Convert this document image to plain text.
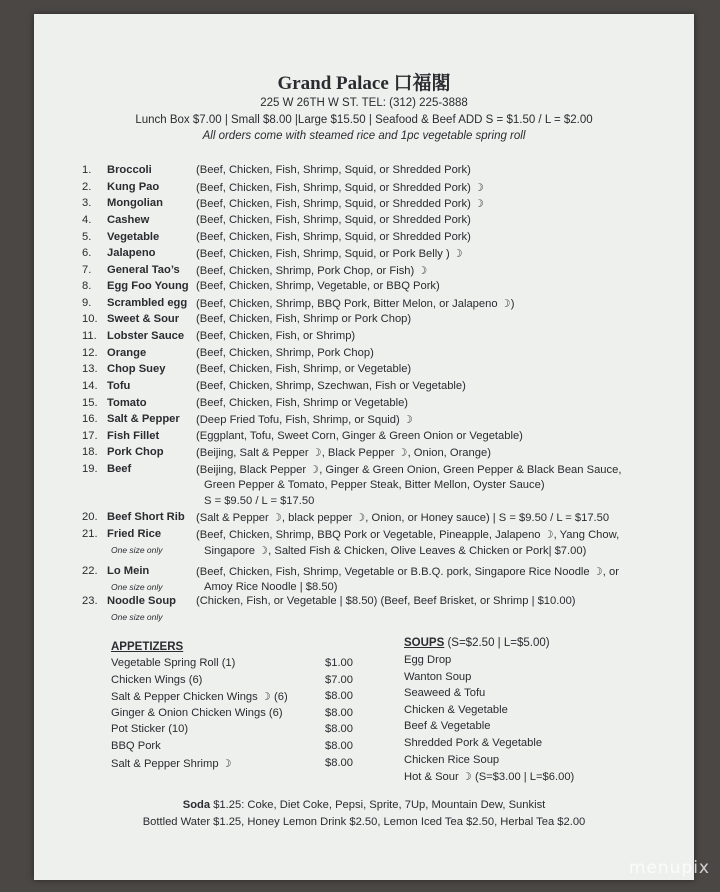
Grand Palace 口福閣
225 W 26TH W ST. TEL: (312) 225-3888
Lunch Box $7.00 | Small $8.00 |Large $15.50 | Seafood & Beef ADD S = $1.50 / L = $2.00
All orders come with steamed rice and 1pc vegetable spring roll
1. Broccoli	(Beef, Chicken, Fish, Shrimp, Squid, or Shredded Pork)
2. Kung Pao	(Beef, Chicken, Fish, Shrimp, Squid, or Shredded Pork) ☽
3. Mongolian	(Beef, Chicken, Fish, Shrimp, Squid, or Shredded Pork) ☽
4. Cashew	(Beef, Chicken, Fish, Shrimp, Squid, or Shredded Pork)
5. Vegetable	(Beef, Chicken, Fish, Shrimp, Squid, or Shredded Pork)
6. Jalapeno	(Beef, Chicken, Fish, Shrimp, Squid, or Pork Belly ) ☽
7. General Tao’s (Beef, Chicken, Shrimp, Pork Chop, or Fish) ☽
8. Egg Foo Young (Beef, Chicken, Shrimp, Vegetable, or BBQ Pork)
9. Scrambled egg (Beef, Chicken, Shrimp, BBQ Pork, Bitter Melon, or Jalapeno ☽)
10. Sweet & Sour (Beef, Chicken, Fish, Shrimp or Pork Chop)
11. Lobster Sauce (Beef, Chicken, Fish, or Shrimp)
12. Orange	(Beef, Chicken, Shrimp, Pork Chop)
13. Chop Suey	(Beef, Chicken, Fish, Shrimp, or Vegetable)
14. Tofu	(Beef, Chicken, Shrimp, Szechwan, Fish or Vegetable)
15. Tomato	(Beef, Chicken, Fish, Shrimp or Vegetable)
16. Salt & Pepper (Deep Fried Tofu, Fish, Shrimp, or Squid) ☽
17. Fish Fillet	(Eggplant, Tofu, Sweet Corn, Ginger & Green Onion or Vegetable)
18. Pork Chop	(Beijing, Salt & Pepper ☽, Black Pepper ☽, Onion, Orange)
19. Beef	(Beijing, Black Pepper ☽, Ginger & Green Onion, Green Pepper & Black Bean Sauce,
Green Pepper & Tomato, Pepper Steak, Bitter Mellon, Oyster Sauce)
S = $9.50 / L = $17.50
20. Beef Short Rib (Salt & Pepper ☽, black pepper ☽, Onion, or Honey sauce) | S = $9.50 / L = $17.50
21. Fried Rice	(Beef, Chicken, Shrimp, BBQ Pork or Vegetable, Pineapple, Jalapeno ☽, Yang Chow,
One size only	Singapore ☽, Salted Fish & Chicken, Olive Leaves & Chicken or Pork| $7.00)
22. Lo Mein	(Beef, Chicken, Fish, Shrimp, Vegetable or B.B.Q. pork, Singapore Rice Noodle ☽, or
One size only	Amoy Rice Noodle | $8.50)
23. Noodle Soup (Chicken, Fish, or Vegetable | $8.50) (Beef, Beef Brisket, or Shrimp | $10.00)
One size only
APPETIZERS
Vegetable Spring Roll (1)	$1.00
Chicken Wings (6)	$7.00
Salt & Pepper Chicken Wings ☽ (6)	$8.00
Ginger & Onion Chicken Wings (6)	$8.00
Pot Sticker (10)	$8.00
BBQ Pork	$8.00
Salt & Pepper Shrimp ☽	$8.00
SOUPS (S=$2.50 | L=$5.00)
Egg Drop
Wanton Soup
Seaweed & Tofu
Chicken & Vegetable
Beef & Vegetable
Shredded Pork & Vegetable
Chicken Rice Soup
Hot & Sour ☽ (S=$3.00 | L=$6.00)
Soda $1.25: Coke, Diet Coke, Pepsi, Sprite, 7Up, Mountain Dew, Sunkist
Bottled Water $1.25, Honey Lemon Drink $2.50, Lemon Iced Tea $2.50, Herbal Tea $2.00
menupix
